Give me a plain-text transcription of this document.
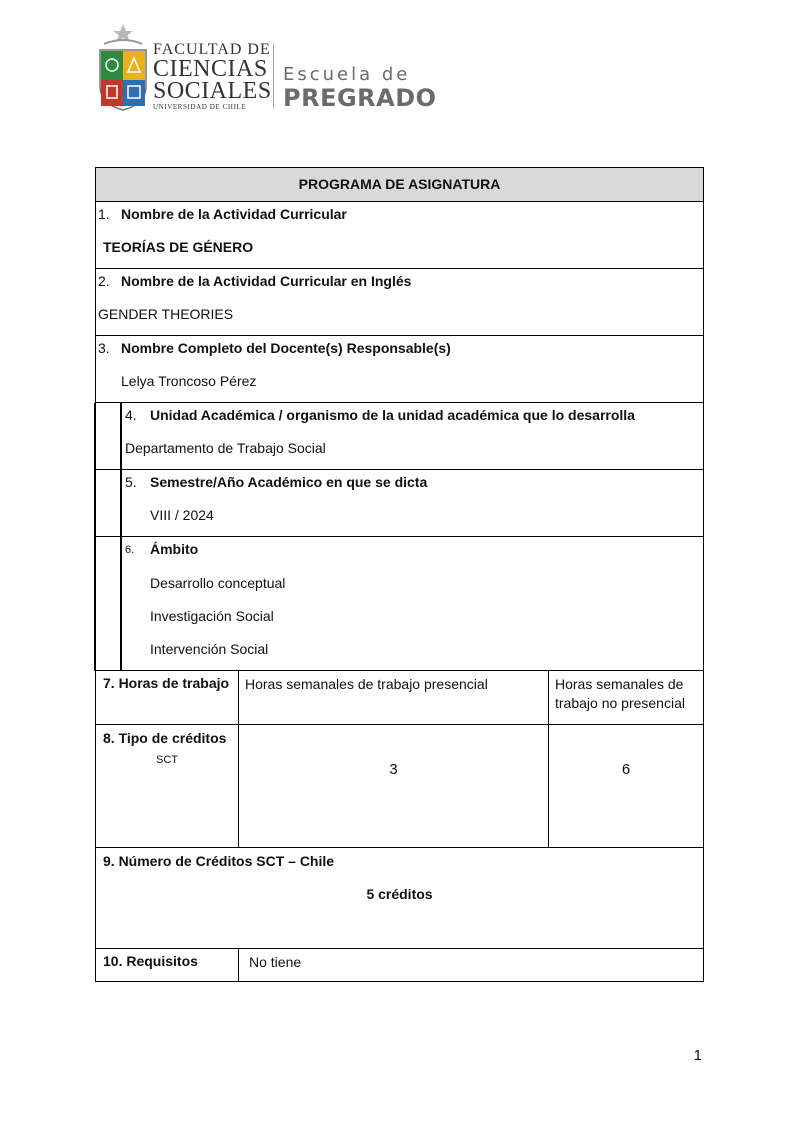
FACULTAD DE
CIENCIAS
SOCIALES
UNIVERSIDAD DE CHILE
Escuela de
PREGRADO
PROGRAMA DE ASIGNATURA		

1. Nombre de la Actividad Curricular
TEORÍAS DE GÉNERO		

2. Nombre de la Actividad Curricular en Inglés
GENDER THEORIES		

3. Nombre Completo del Docente(s) Responsable(s)
Lelya Troncoso Pérez		

4. Unidad Académica / organismo de la unidad académica que lo desarrolla
Departamento de Trabajo Social		

5. Semestre/Año Académico en que se dicta
VIII / 2024		

6. Ámbito
Desarrollo conceptual
Investigación Social
Intervención Social		

7. Horas de trabajo	Horas semanales de trabajo presencial	Horas semanales de trabajo no presencial

8. Tipo de créditos
SCT	3	6

9. Número de Créditos SCT – Chile
5 créditos		

10. Requisitos	No tiene	
1
